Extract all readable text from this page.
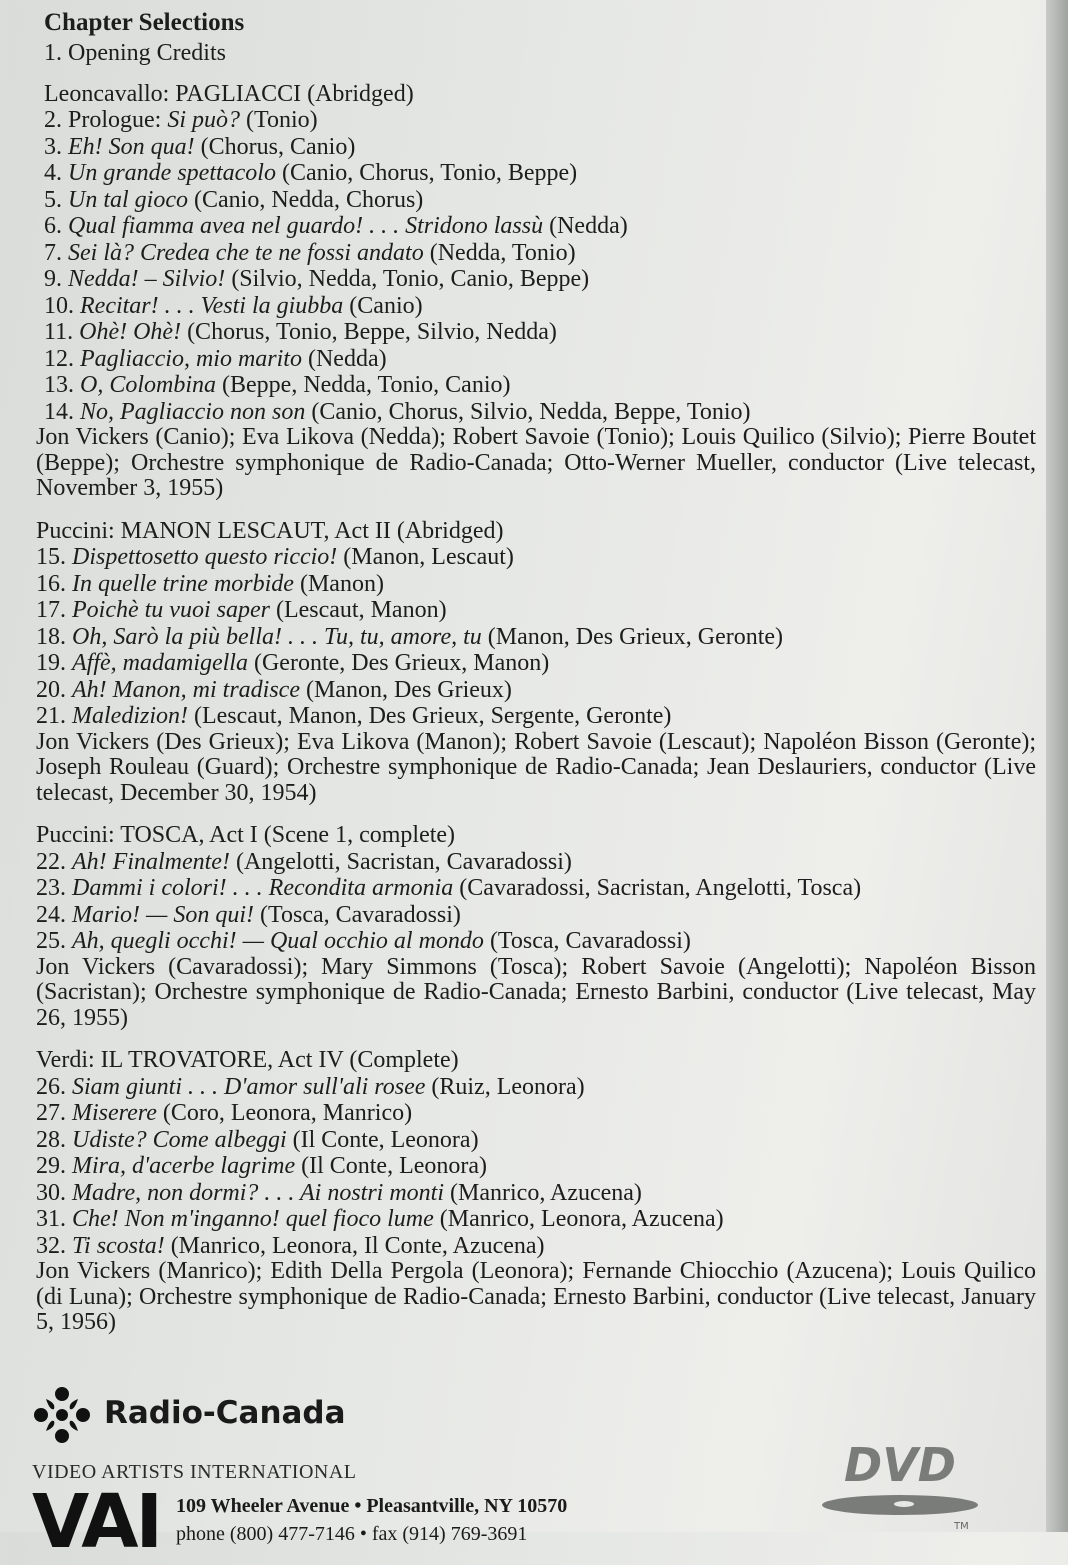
Chapter Selections
1. Opening Credits
Leoncavallo: PAGLIACCI (Abridged)
2. Prologue: Si può? (Tonio)
3. Eh! Son qua! (Chorus, Canio)
4. Un grande spettacolo (Canio, Chorus, Tonio, Beppe)
5. Un tal gioco (Canio, Nedda, Chorus)
6. Qual fiamma avea nel guardo! . . . Stridono lassù (Nedda)
7. Sei là? Credea che te ne fossi andato (Nedda, Tonio)
9. Nedda! – Silvio! (Silvio, Nedda, Tonio, Canio, Beppe)
10. Recitar! . . . Vesti la giubba (Canio)
11. Ohè! Ohè! (Chorus, Tonio, Beppe, Silvio, Nedda)
12. Pagliaccio, mio marito (Nedda)
13. O, Colombina (Beppe, Nedda, Tonio, Canio)
14. No, Pagliaccio non son (Canio, Chorus, Silvio, Nedda, Beppe, Tonio)
Jon Vickers (Canio); Eva Likova (Nedda); Robert Savoie (Tonio); Louis Quilico (Silvio); Pierre Boutet (Beppe); Orchestre symphonique de Radio-Canada; Otto-Werner Mueller, conductor (Live telecast, November 3, 1955)
Puccini: MANON LESCAUT, Act II (Abridged)
15. Dispettosetto questo riccio! (Manon, Lescaut)
16. In quelle trine morbide (Manon)
17. Poichè tu vuoi saper (Lescaut, Manon)
18. Oh, Sarò la più bella! . . . Tu, tu, amore, tu (Manon, Des Grieux, Geronte)
19. Affè, madamigella (Geronte, Des Grieux, Manon)
20. Ah! Manon, mi tradisce (Manon, Des Grieux)
21. Maledizion! (Lescaut, Manon, Des Grieux, Sergente, Geronte)
Jon Vickers (Des Grieux); Eva Likova (Manon); Robert Savoie (Lescaut); Napoléon Bisson (Geronte); Joseph Rouleau (Guard); Orchestre symphonique de Radio-Canada; Jean Deslauriers, conductor (Live telecast, December 30, 1954)
Puccini: TOSCA, Act I (Scene 1, complete)
22. Ah! Finalmente! (Angelotti, Sacristan, Cavaradossi)
23. Dammi i colori! . . . Recondita armonia (Cavaradossi, Sacristan, Angelotti, Tosca)
24. Mario! — Son qui! (Tosca, Cavaradossi)
25. Ah, quegli occhi! — Qual occhio al mondo (Tosca, Cavaradossi)
Jon Vickers (Cavaradossi); Mary Simmons (Tosca); Robert Savoie (Angelotti); Napoléon Bisson (Sacristan); Orchestre symphonique de Radio-Canada; Ernesto Barbini, conductor (Live telecast, May 26, 1955)
Verdi: IL TROVATORE, Act IV (Complete)
26. Siam giunti . . . D'amor sull'ali rosee (Ruiz, Leonora)
27. Miserere (Coro, Leonora, Manrico)
28. Udiste? Come albeggi (Il Conte, Leonora)
29. Mira, d'acerbe lagrime (Il Conte, Leonora)
30. Madre, non dormi? . . . Ai nostri monti (Manrico, Azucena)
31. Che! Non m'inganno! quel fioco lume (Manrico, Leonora, Azucena)
32. Ti scosta! (Manrico, Leonora, Il Conte, Azucena)
Jon Vickers (Manrico); Edith Della Pergola (Leonora); Fernande Chiocchio (Azucena); Louis Quilico (di Luna); Orchestre symphonique de Radio-Canada; Ernesto Barbini, conductor (Live telecast, January 5, 1956)
Radio-Canada
VIDEO ARTISTS INTERNATIONAL
VAI 109 Wheeler Avenue • Pleasantville, NY 10570
phone (800) 477-7146 • fax (914) 769-3691
DVD
TM
